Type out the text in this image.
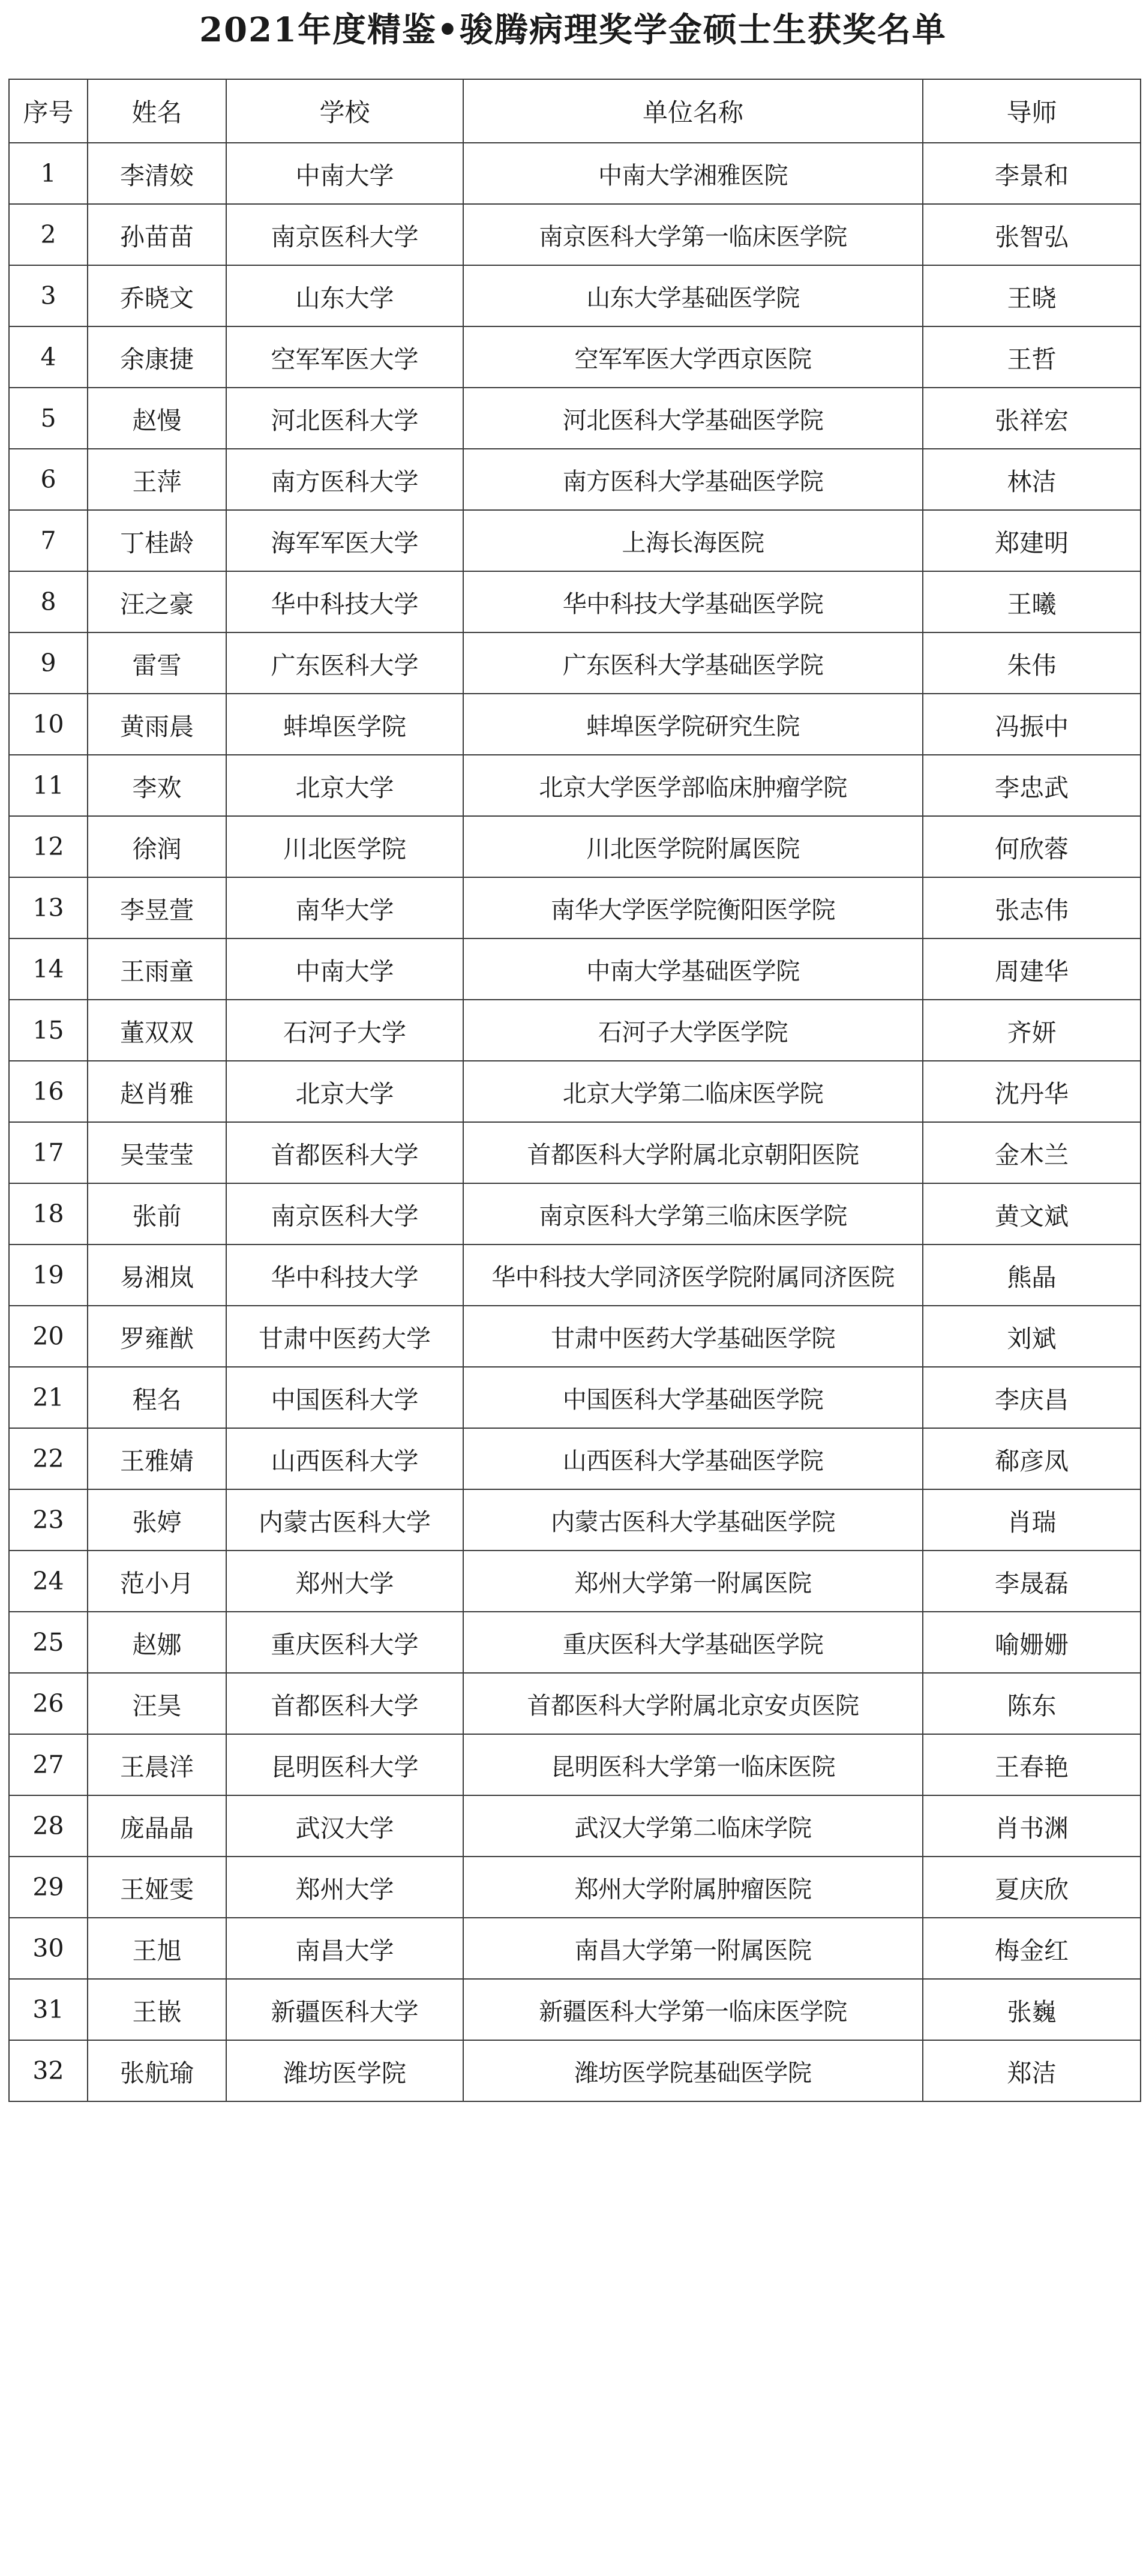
2021年度精鉴•骏腾病理奖学金硕士生获奖名单
序号	姓名	学校	单位名称	导师
1	李清姣	中南大学	中南大学湘雅医院	李景和
2	孙苗苗	南京医科大学	南京医科大学第一临床医学院	张智弘
3	乔晓文	山东大学	山东大学基础医学院	王晓
4	余康捷	空军军医大学	空军军医大学西京医院	王哲
5	赵慢	河北医科大学	河北医科大学基础医学院	张祥宏
6	王萍	南方医科大学	南方医科大学基础医学院	林洁
7	丁桂龄	海军军医大学	上海长海医院	郑建明
8	汪之豪	华中科技大学	华中科技大学基础医学院	王曦
9	雷雪	广东医科大学	广东医科大学基础医学院	朱伟
10	黄雨晨	蚌埠医学院	蚌埠医学院研究生院	冯振中
11	李欢	北京大学	北京大学医学部临床肿瘤学院	李忠武
12	徐润	川北医学院	川北医学院附属医院	何欣蓉
13	李昱萱	南华大学	南华大学医学院衡阳医学院	张志伟
14	王雨童	中南大学	中南大学基础医学院	周建华
15	董双双	石河子大学	石河子大学医学院	齐妍
16	赵肖雅	北京大学	北京大学第二临床医学院	沈丹华
17	吴莹莹	首都医科大学	首都医科大学附属北京朝阳医院	金木兰
18	张前	南京医科大学	南京医科大学第三临床医学院	黄文斌
19	易湘岚	华中科技大学	华中科技大学同济医学院附属同济医院	熊晶
20	罗雍猷	甘肃中医药大学	甘肃中医药大学基础医学院	刘斌
21	程名	中国医科大学	中国医科大学基础医学院	李庆昌
22	王雅婧	山西医科大学	山西医科大学基础医学院	郗彦凤
23	张婷	内蒙古医科大学	内蒙古医科大学基础医学院	肖瑞
24	范小月	郑州大学	郑州大学第一附属医院	李晟磊
25	赵娜	重庆医科大学	重庆医科大学基础医学院	喻姗姗
26	汪昊	首都医科大学	首都医科大学附属北京安贞医院	陈东
27	王晨洋	昆明医科大学	昆明医科大学第一临床医院	王春艳
28	庞晶晶	武汉大学	武汉大学第二临床学院	肖书渊
29	王娅雯	郑州大学	郑州大学附属肿瘤医院	夏庆欣
30	王旭	南昌大学	南昌大学第一附属医院	梅金红
31	王嵌	新疆医科大学	新疆医科大学第一临床医学院	张巍
32	张航瑜	潍坊医学院	潍坊医学院基础医学院	郑洁
